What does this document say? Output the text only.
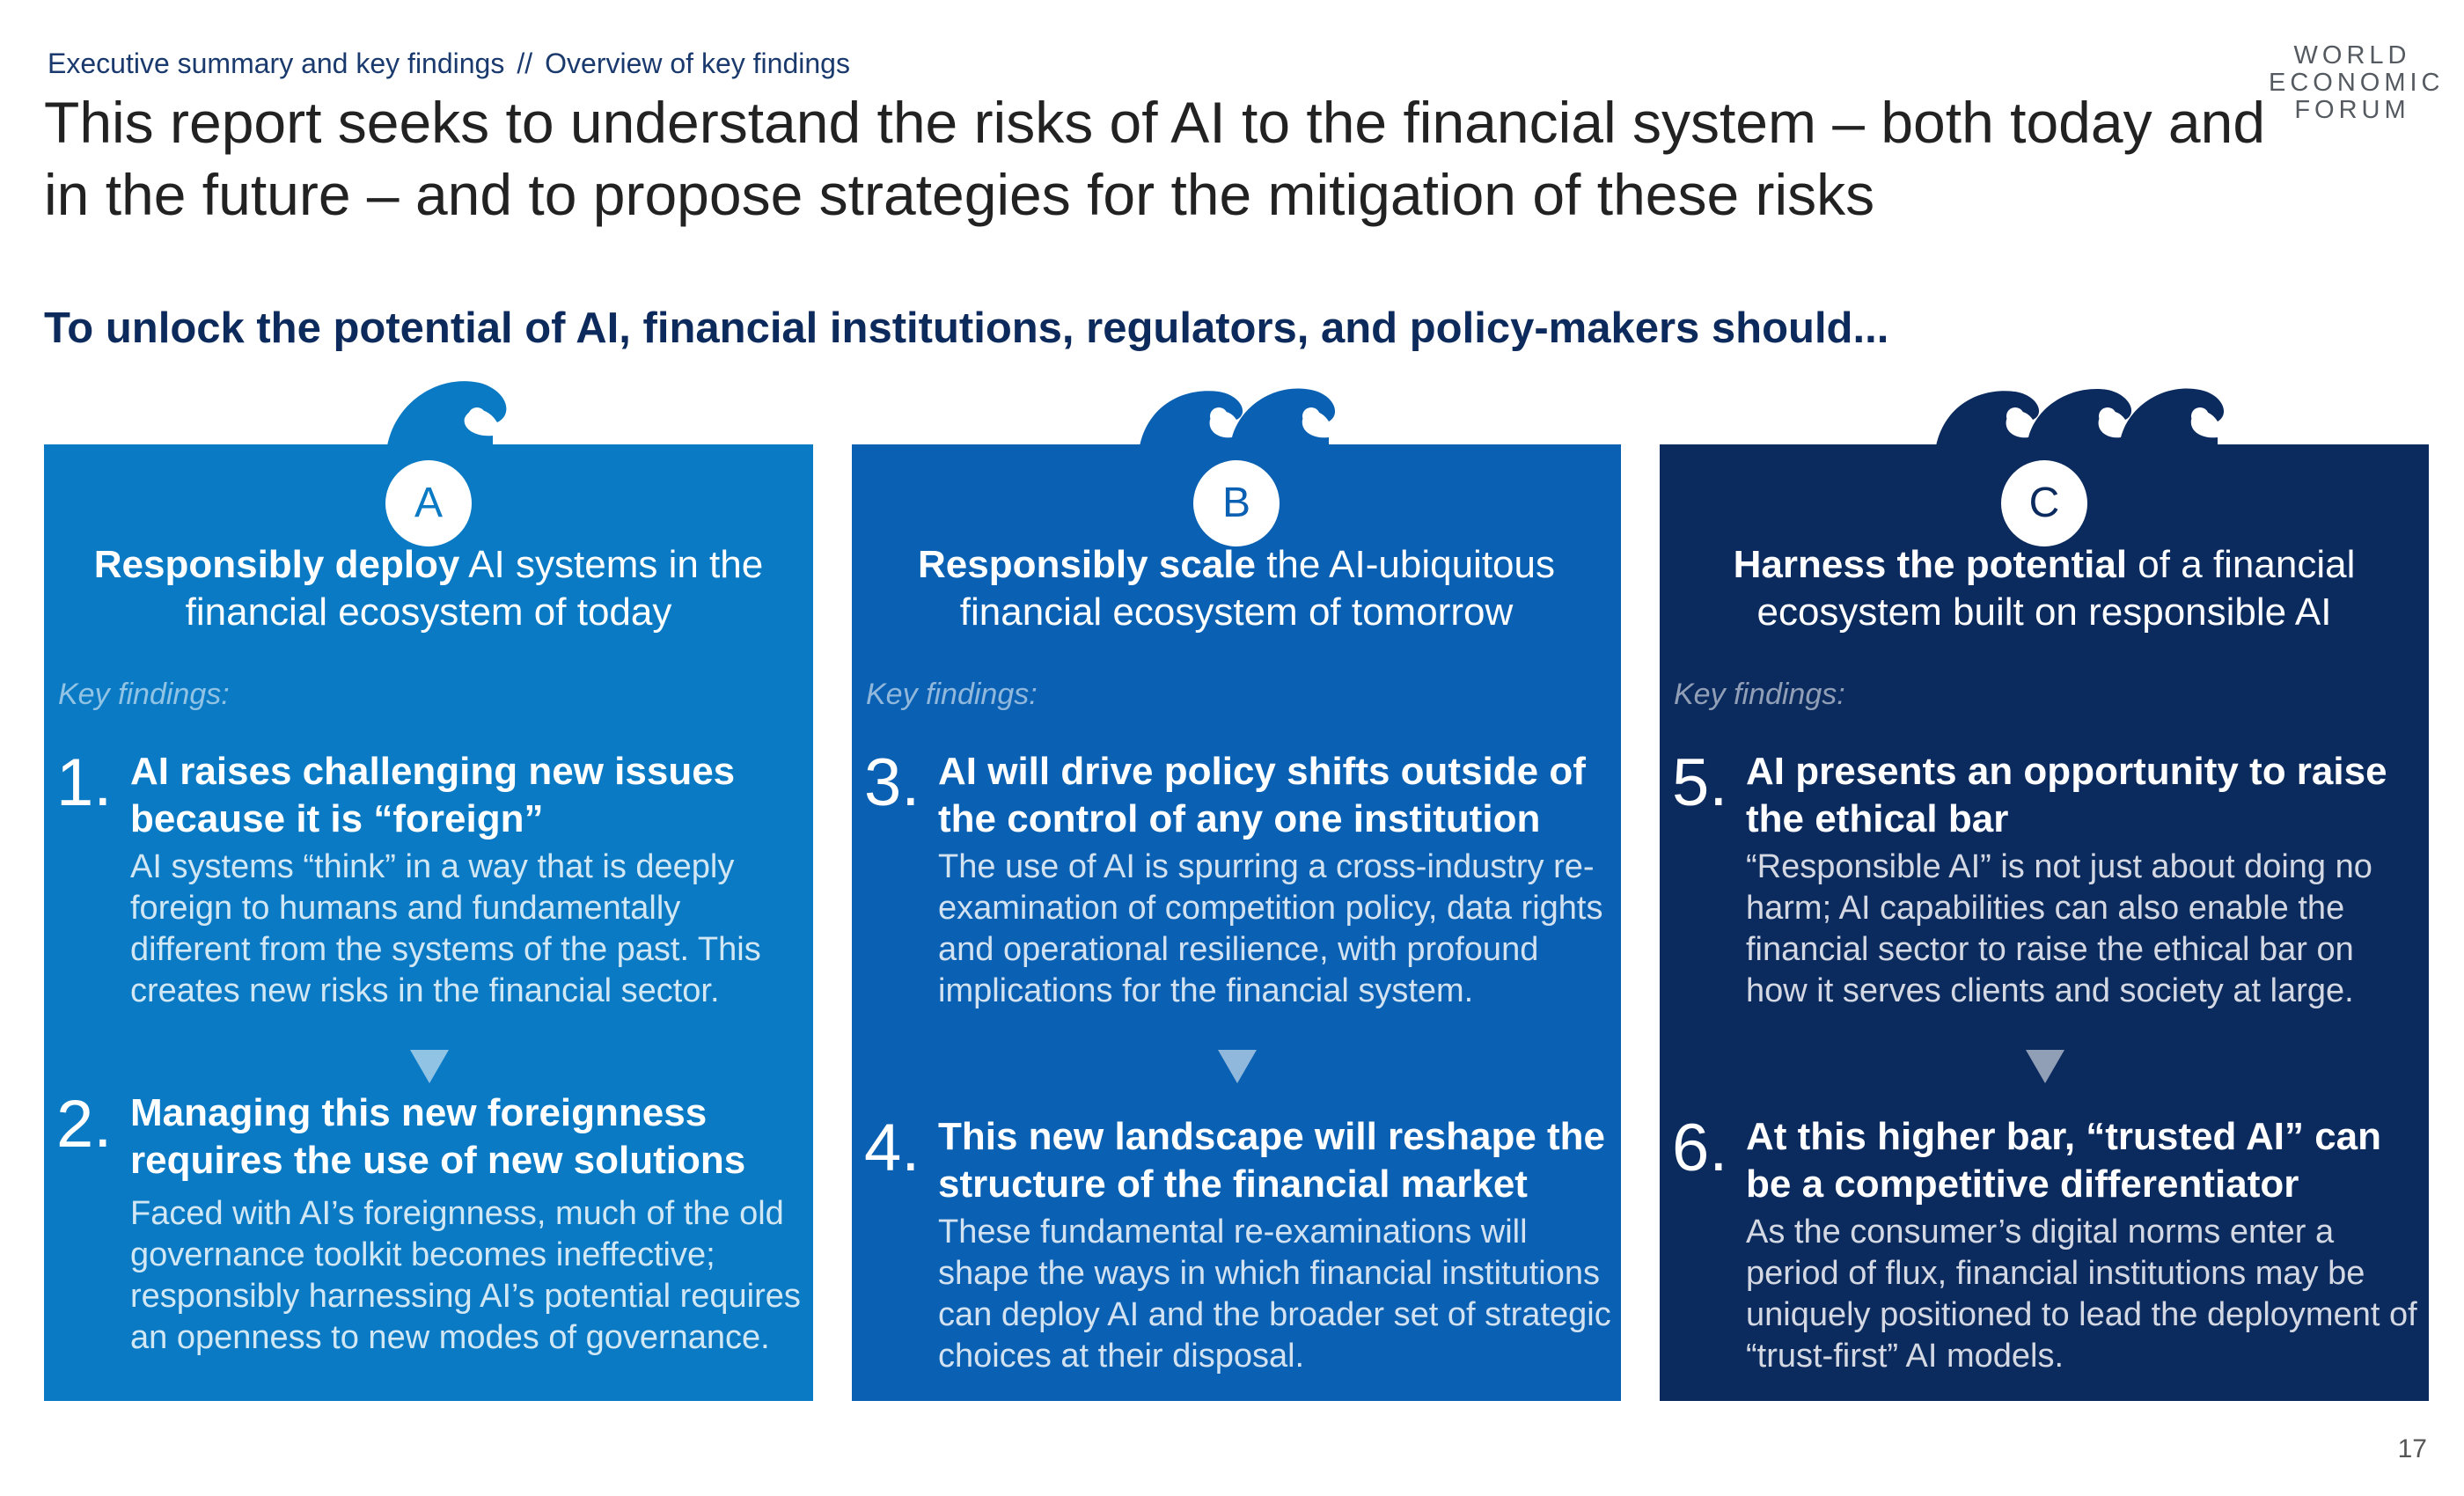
Executive summary and key findings // Overview of key findings
This report seeks to understand the risks of AI to the financial system – both today and in the future – and to propose strategies for the mitigation of these risks
WORLD
ECONOMIC
FORUM
To unlock the potential of AI, financial institutions, regulators, and policy-makers should...
A
Responsibly deploy AI systems in the financial ecosystem of today
Key findings:
1. AI raises challenging new issues because it is “foreign”
AI systems “think” in a way that is deeply foreign to humans and fundamentally different from the systems of the past. This creates new risks in the financial sector.
2. Managing this new foreignness requires the use of new solutions
Faced with AI’s foreignness, much of the old governance toolkit becomes ineffective; responsibly harnessing AI’s potential requires an openness to new modes of governance.
B
Responsibly scale the AI-ubiquitous financial ecosystem of tomorrow
Key findings:
3. AI will drive policy shifts outside of the control of any one institution
The use of AI is spurring a cross-industry re-examination of competition policy, data rights and operational resilience, with profound implications for the financial system.
4. This new landscape will reshape the structure of the financial market
These fundamental re-examinations will shape the ways in which financial institutions can deploy AI and the broader set of strategic choices at their disposal.
C
Harness the potential of a financial ecosystem built on responsible AI
Key findings:
5. AI presents an opportunity to raise the ethical bar
“Responsible AI” is not just about doing no harm; AI capabilities can also enable the financial sector to raise the ethical bar on how it serves clients and society at large.
6. At this higher bar, “trusted AI” can be a competitive differentiator
As the consumer’s digital norms enter a period of flux, financial institutions may be uniquely positioned to lead the deployment of “trust-first” AI models.
17
